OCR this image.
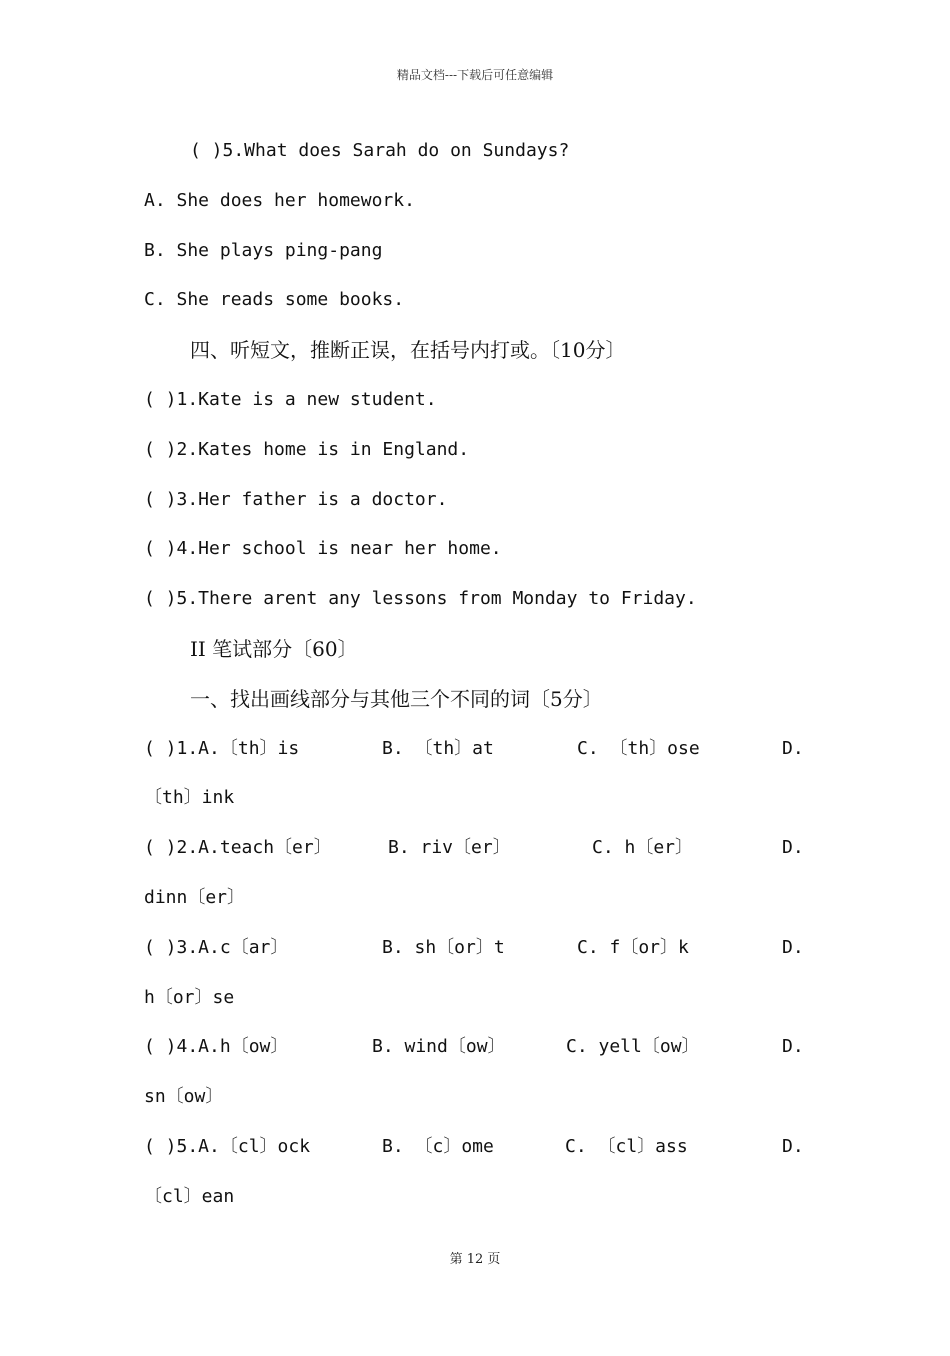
精品文档---下载后可任意编辑
( )5.What does Sarah do on Sundays?
A. She does her homework.
B. She plays ping-pang
C. She reads some books.
四、听短文，推断正误，在括号内打或。〔10分〕
( )1.Kate is a new student.
( )2.Kates home is in England.
( )3.Her father is a doctor.
( )4.Her school is near her home.
( )5.There arent any lessons from Monday to Friday.
II 笔试部分〔60〕
一、找出画线部分与其他三个不同的词〔5分〕

( )1.A.〔th〕is

	B. 〔th〕at

	C. 〔th〕ose

	D.

〔th〕ink

( )2.A.teach〔er〕

	B. riv〔er〕

	C. h〔er〕

	D.

dinn〔er〕

( )3.A.c〔ar〕

	B. sh〔or〕t

	C. f〔or〕k

	D.

h〔or〕se

( )4.A.h〔ow〕

	B. wind〔ow〕

	C. yell〔ow〕

	D.

sn〔ow〕

( )5.A.〔cl〕ock

	B. 〔c〕ome

	C. 〔cl〕ass

	D.

〔cl〕ean
第 12 页
